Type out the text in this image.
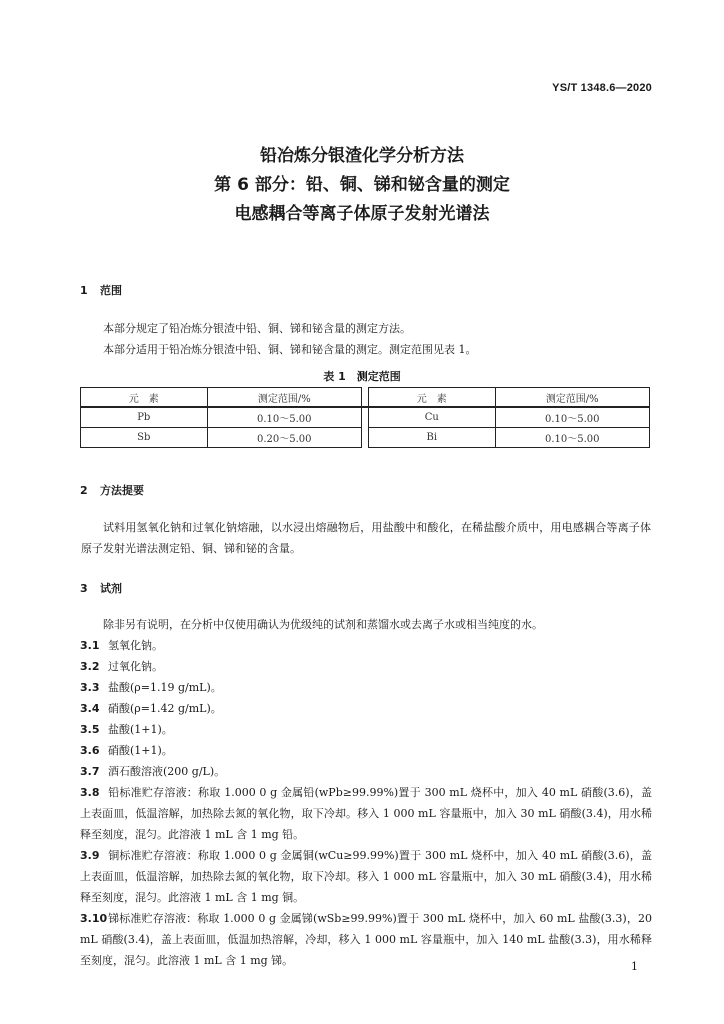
YS/T 1348.6—2020
铅冶炼分银渣化学分析方法
第 6 部分：铅、铜、锑和铋含量的测定
电感耦合等离子体原子发射光谱法
1 范围
本部分规定了铅冶炼分银渣中铅、铜、锑和铋含量的测定方法。
本部分适用于铅冶炼分银渣中铅、铜、锑和铋含量的测定。测定范围见表 1。
表 1　测定范围
元　素	测定范围/%		元　素	测定范围/%
Pb	0.10～5.00		Cu	0.10～5.00
Sb	0.20～5.00		Bi	0.10～5.00
2 方法提要
试料用氢氧化钠和过氧化钠熔融，以水浸出熔融物后，用盐酸中和酸化，在稀盐酸介质中，用电感耦合等离子体原子发射光谱法测定铅、铜、锑和铋的含量。
3 试剂
除非另有说明，在分析中仅使用确认为优级纯的试剂和蒸馏水或去离子水或相当纯度的水。
3.1 氢氧化钠。
3.2 过氧化钠。
3.3 盐酸(ρ=1.19 g/mL)。
3.4 硝酸(ρ=1.42 g/mL)。
3.5 盐酸(1+1)。
3.6 硝酸(1+1)。
3.7 酒石酸溶液(200 g/L)。
3.8 铅标准贮存溶液：称取 1.000 0 g 金属铅(wPb≥99.99%)置于 300 mL 烧杯中，加入 40 mL 硝酸(3.6)，盖上表面皿，低温溶解，加热除去氮的氧化物，取下冷却。移入 1 000 mL 容量瓶中，加入 30 mL 硝酸(3.4)，用水稀释至刻度，混匀。此溶液 1 mL 含 1 mg 铅。
3.9 铜标准贮存溶液：称取 1.000 0 g 金属铜(wCu≥99.99%)置于 300 mL 烧杯中，加入 40 mL 硝酸(3.6)，盖上表面皿，低温溶解，加热除去氮的氧化物，取下冷却。移入 1 000 mL 容量瓶中，加入 30 mL 硝酸(3.4)，用水稀释至刻度，混匀。此溶液 1 mL 含 1 mg 铜。
3.10锑标准贮存溶液：称取 1.000 0 g 金属锑(wSb≥99.99%)置于 300 mL 烧杯中，加入 60 mL 盐酸(3.3)，20 mL 硝酸(3.4)，盖上表面皿，低温加热溶解，冷却，移入 1 000 mL 容量瓶中，加入 140 mL 盐酸(3.3)，用水稀释至刻度，混匀。此溶液 1 mL 含 1 mg 锑。	1
